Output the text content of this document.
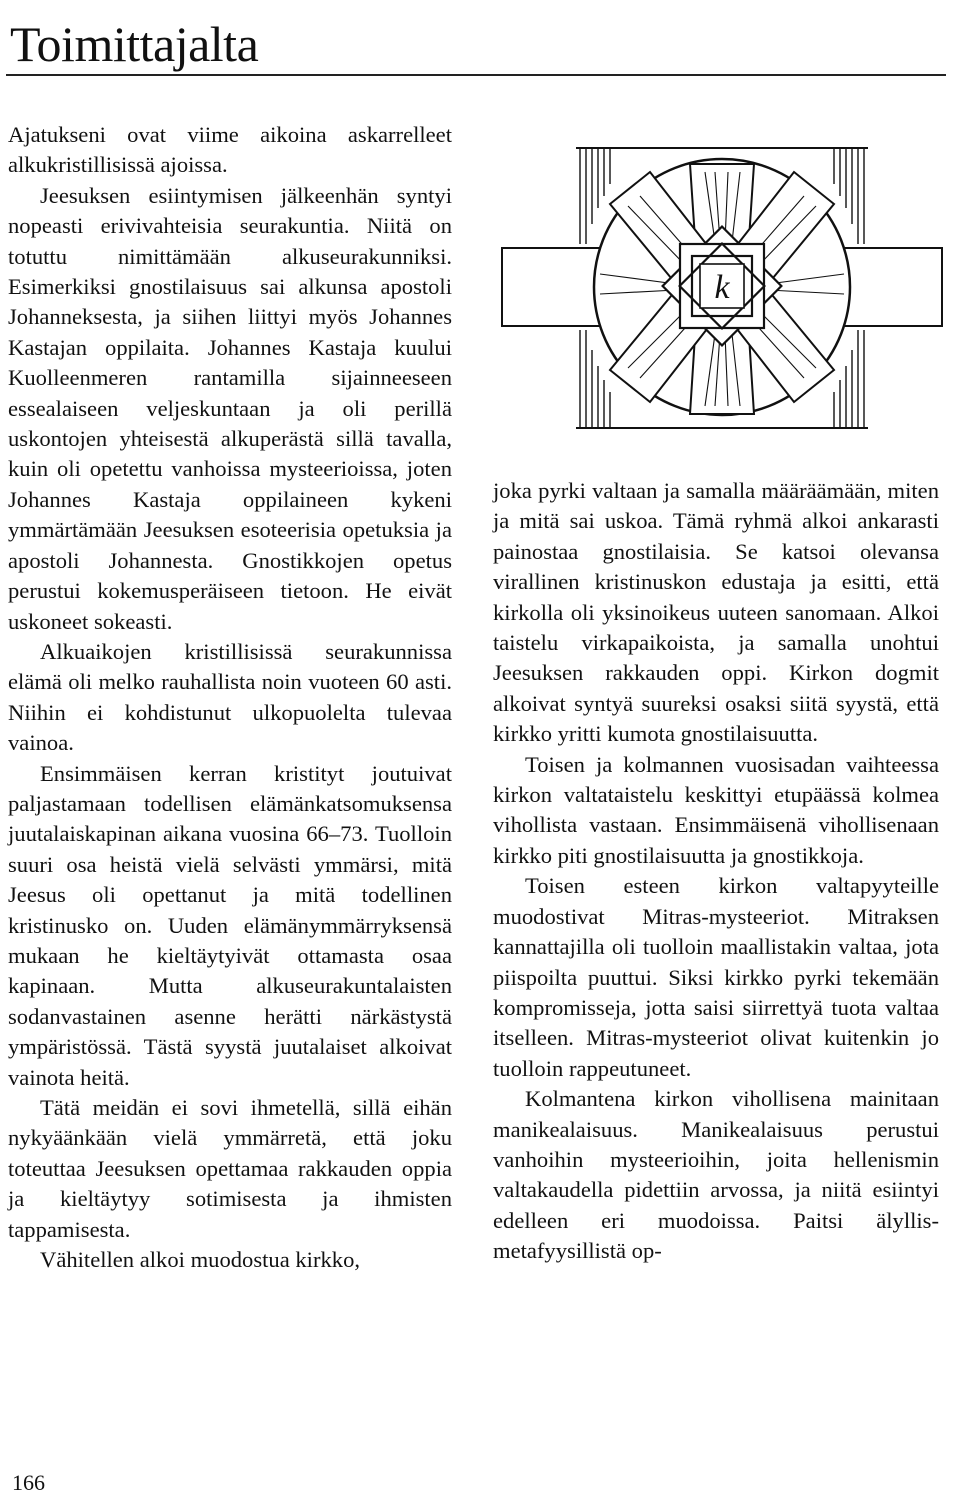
Toimittajalta

Ajatukseni ovat viime aikoina askarrelleet alkukristillisissä ajoissa.

Jeesuksen esiintymisen jälkeenhän syntyi nopeasti erivivahteisia seurakuntia. Niitä on totuttu nimittämään alkuseurakunniksi. Esimerkiksi gnostilaisuus sai alkunsa apostoli Johanneksesta, ja siihen liittyi myös Johannes Kastajan oppilaita. Johannes Kastaja kuului Kuolleenmeren rantamilla sijainneeseen essealaiseen veljeskuntaan ja oli perillä uskontojen yhteisestä alkuperästä sillä tavalla, kuin oli opetettu vanhoissa mysteerioissa, joten Johannes Kastaja oppilaineen kykeni ymmärtämään Jeesuksen esoteerisia opetuksia ja apostoli Johannesta. Gnostikkojen opetus perustui kokemusperäiseen tietoon. He eivät uskoneet sokeasti.

Alkuaikojen kristillisissä seurakunnissa elämä oli melko rauhallista noin vuoteen 60 asti. Niihin ei kohdistunut ulkopuolelta tulevaa vainoa.

Ensimmäisen kerran kristityt joutuivat paljastamaan todellisen elämänkatsomuksensa juutalaiskapinan aikana vuosina 66–73. Tuolloin suuri osa heistä vielä selvästi ymmärsi, mitä Jeesus oli opettanut ja mitä todellinen kristinusko on. Uuden elämänymmärryksensä mukaan he kieltäytyivät ottamasta osaa kapinaan. Mutta alkuseurakuntalaisten sodanvastainen asenne herätti närkästystä ympäristössä. Tästä syystä juutalaiset alkoivat vainota heitä.

Tätä meidän ei sovi ihmetellä, sillä eihän nykyäänkään vielä ymmärretä, että joku toteuttaa Jeesuksen opettamaa rakkauden oppia ja kieltäytyy sotimisesta ja ihmisten tappamisesta.

Vähitellen alkoi muodostua kirkko,

k

joka pyrki valtaan ja samalla määräämään, miten ja mitä sai uskoa. Tämä ryhmä alkoi ankarasti painostaa gnostilaisia. Se katsoi olevansa virallinen kristinuskon edustaja ja esitti, että kirkolla oli yksinoikeus uuteen sanomaan. Alkoi taistelu virkapaikoista, ja samalla unohtui Jeesuksen rakkauden oppi. Kirkon dogmit alkoivat syntyä suureksi osaksi siitä syystä, että kirkko yritti kumota gnostilaisuutta.

Toisen ja kolmannen vuosisadan vaihteessa kirkon valtataistelu keskittyi etupäässä kolmea vihollista vastaan. Ensimmäisenä vihollisenaan kirkko piti gnostilaisuutta ja gnostikkoja.

Toisen esteen kirkon valtapyyteille muodostivat Mitras-mysteeriot. Mitraksen kannattajilla oli tuolloin maallistakin valtaa, jota piispoilta puuttui. Siksi kirkko pyrki tekemään kompromisseja, jotta saisi siirrettyä tuota valtaa itselleen. Mitras-mysteeriot olivat kuitenkin jo tuolloin rappeutuneet.

Kolmantena kirkon vihollisena mainitaan manikealaisuus. Manikealaisuus perustui vanhoihin mysteerioihin, joita hellenismin valtakaudella pidettiin arvossa, ja niitä esiintyi edelleen eri muodoissa. Paitsi älyllis-metafyysillistä op-

166
